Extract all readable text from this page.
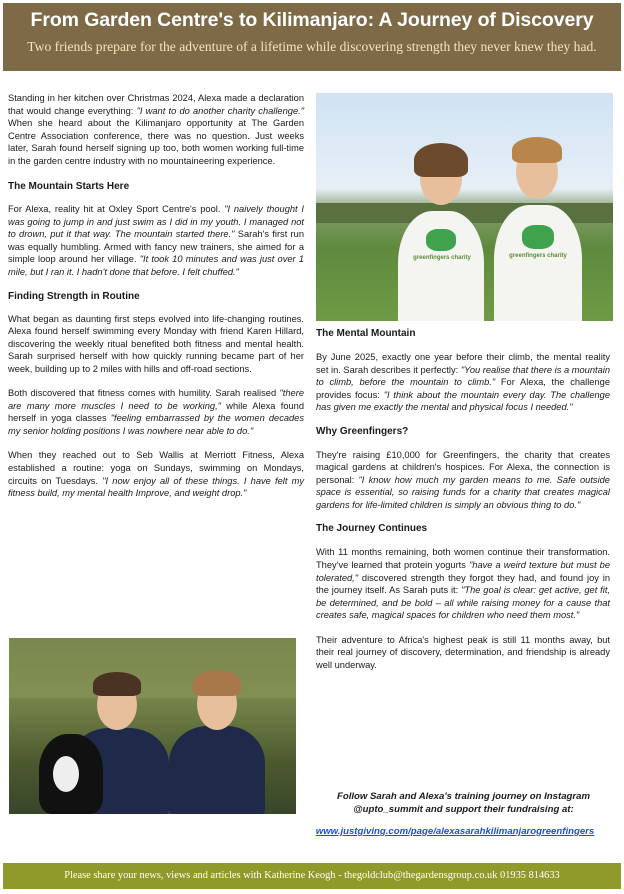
From Garden Centre's to Kilimanjaro: A Journey of Discovery
Two friends prepare for the adventure of a lifetime while discovering strength they never knew they had.

Standing in her kitchen over Christmas 2024, Alexa made a declaration that would change everything: "I want to do another charity challenge." When she heard about the Kilimanjaro opportunity at The Garden Centre Association conference, there was no question. Just weeks later, Sarah found herself signing up too, both women working full-time in the garden centre industry with no mountaineering experience.

The Mountain Starts Here

For Alexa, reality hit at Oxley Sport Centre's pool. "I naively thought I was going to jump in and just swim as I did in my youth. I managed not to drown, put it that way. The mountain started there." Sarah's first run was equally humbling. Armed with fancy new trainers, she aimed for a simple loop around her village. "It took 10 minutes and was just over 1 mile, but I ran it. I hadn't done that before. I felt chuffed."

Finding Strength in Routine

What began as daunting first steps evolved into life-changing routines. Alexa found herself swimming every Monday with friend Karen Hillard, discovering the weekly ritual benefited both fitness and mental health. Sarah surprised herself with how quickly running became part of her week, building up to 2 miles with hills and off-road sections.

Both discovered that fitness comes with humility. Sarah realised "there are many more muscles I need to be working," while Alexa found herself in yoga classes "feeling embarrassed by the women decades my senior holding positions I was nowhere near able to do."

When they reached out to Seb Wallis at Merriott Fitness, Alexa established a routine: yoga on Sundays, swimming on Mondays, circuits on Tuesdays. "I now enjoy all of these things. I have felt my fitness build, my mental health Improve, and weight drop."

greenfingers charity	greenfingers charity
The Mental Mountain

By June 2025, exactly one year before their climb, the mental reality set in. Sarah describes it perfectly: "You realise that there is a mountain to climb, before the mountain to climb." For Alexa, the challenge provides focus: "I think about the mountain every day. The challenge has given me exactly the mental and physical focus I needed."

Why Greenfingers?

They're raising £10,000 for Greenfingers, the charity that creates magical gardens at children's hospices. For Alexa, the connection is personal: "I know how much my garden means to me. Safe outside space is essential, so raising funds for a charity that creates magical gardens for life-limited children is simply an obvious thing to do."

The Journey Continues

With 11 months remaining, both women continue their transformation. They've learned that protein yogurts "have a weird texture but must be tolerated," discovered strength they forgot they had, and found joy in the journey itself. As Sarah puts it: "The goal is clear: get active, get fit, be determined, and be bold – all while raising money for a cause that creates safe, magical spaces for children who need them most."

Their adventure to Africa's highest peak is still 11 months away, but their real journey of discovery, determination, and friendship is already well underway.

Follow Sarah and Alexa's training journey on Instagram @upto_summit and support their fundraising at:
www.justgiving.com/page/alexasarahkilimanjarogreenfingers
Please share your news, views and articles with Katherine Keogh - thegoldclub@thegardensgroup.co.uk 01935 814633
